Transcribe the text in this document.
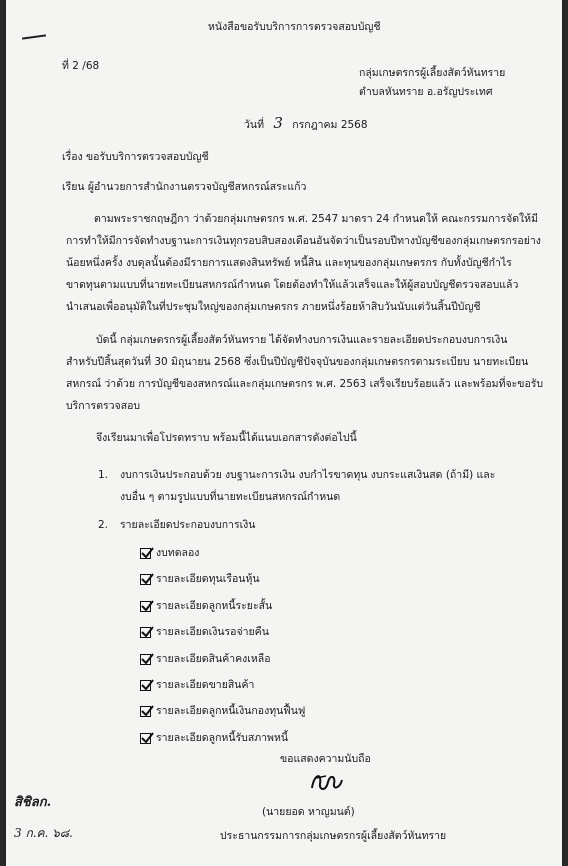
หนังสือขอรับบริการการตรวจสอบบัญชี
ที่ 2 /68
กลุ่มเกษตรกรผู้เลี้ยงสัตว์หันทราย
ตำบลหันทราย อ.อรัญประเทศ
วันที่ 3 กรกฎาคม 2568
เรื่อง ขอรับบริการตรวจสอบบัญชี
เรียน ผู้อำนวยการสำนักงานตรวจบัญชีสหกรณ์สระแก้ว
ตามพระราชกฤษฎีกา ว่าด้วยกลุ่มเกษตรกร พ.ศ. 2547 มาตรา 24 กำหนดให้ คณะกรรมการจัดให้มี
การทำให้มีการจัดทำงบฐานะการเงินทุกรอบสิบสองเดือนอันจัดว่าเป็นรอบปีทางบัญชีของกลุ่มเกษตรกรอย่าง
น้อยหนึ่งครั้ง งบดุลนั้นต้องมีรายการแสดงสินทรัพย์ หนี้สิน และทุนของกลุ่มเกษตรกร กับทั้งบัญชีกำไร
ขาดทุนตามแบบที่นายทะเบียนสหกรณ์กำหนด โดยต้องทำให้แล้วเสร็จและให้ผู้สอบบัญชีตรวจสอบแล้ว
นำเสนอเพื่ออนุมัติในที่ประชุมใหญ่ของกลุ่มเกษตรกร ภายหนึ่งร้อยห้าสิบวันนับแต่วันสิ้นปีบัญชี
บัดนี้ กลุ่มเกษตรกรผู้เลี้ยงสัตว์หันทราย ได้จัดทำงบการเงินและรายละเอียดประกอบงบการเงิน
สำหรับปีสิ้นสุดวันที่ 30 มิถุนายน 2568 ซึ่งเป็นปีบัญชีปัจจุบันของกลุ่มเกษตรกรตามระเบียบ นายทะเบียน
สหกรณ์ ว่าด้วย การบัญชีของสหกรณ์และกลุ่มเกษตรกร พ.ศ. 2563 เสร็จเรียบร้อยแล้ว และพร้อมที่จะขอรับ
บริการตรวจสอบ
จึงเรียนมาเพื่อโปรดทราบ พร้อมนี้ได้แนบเอกสารดังต่อไปนี้
1. งบการเงินประกอบด้วย งบฐานะการเงิน งบกำไรขาดทุน งบกระแสเงินสด (ถ้ามี) และ
งบอื่น ๆ ตามรูปแบบที่นายทะเบียนสหกรณ์กำหนด
2. รายละเอียดประกอบงบการเงิน
งบทดลอง
รายละเอียดทุนเรือนหุ้น
รายละเอียดลูกหนี้ระยะสั้น
รายละเอียดเงินรอจ่ายคืน
รายละเอียดสินค้าคงเหลือ
รายละเอียดขายสินค้า
รายละเอียดลูกหนี้เงินกองทุนฟื้นฟู
รายละเอียดลูกหนี้รับสภาพหนี้
ขอแสดงความนับถือ
(นายยอด หาญมนต์)
ประธานกรรมการกลุ่มเกษตรกรผู้เลี้ยงสัตว์หันทราย
สิชิลก.
3 ก.ค. ๖๘.
